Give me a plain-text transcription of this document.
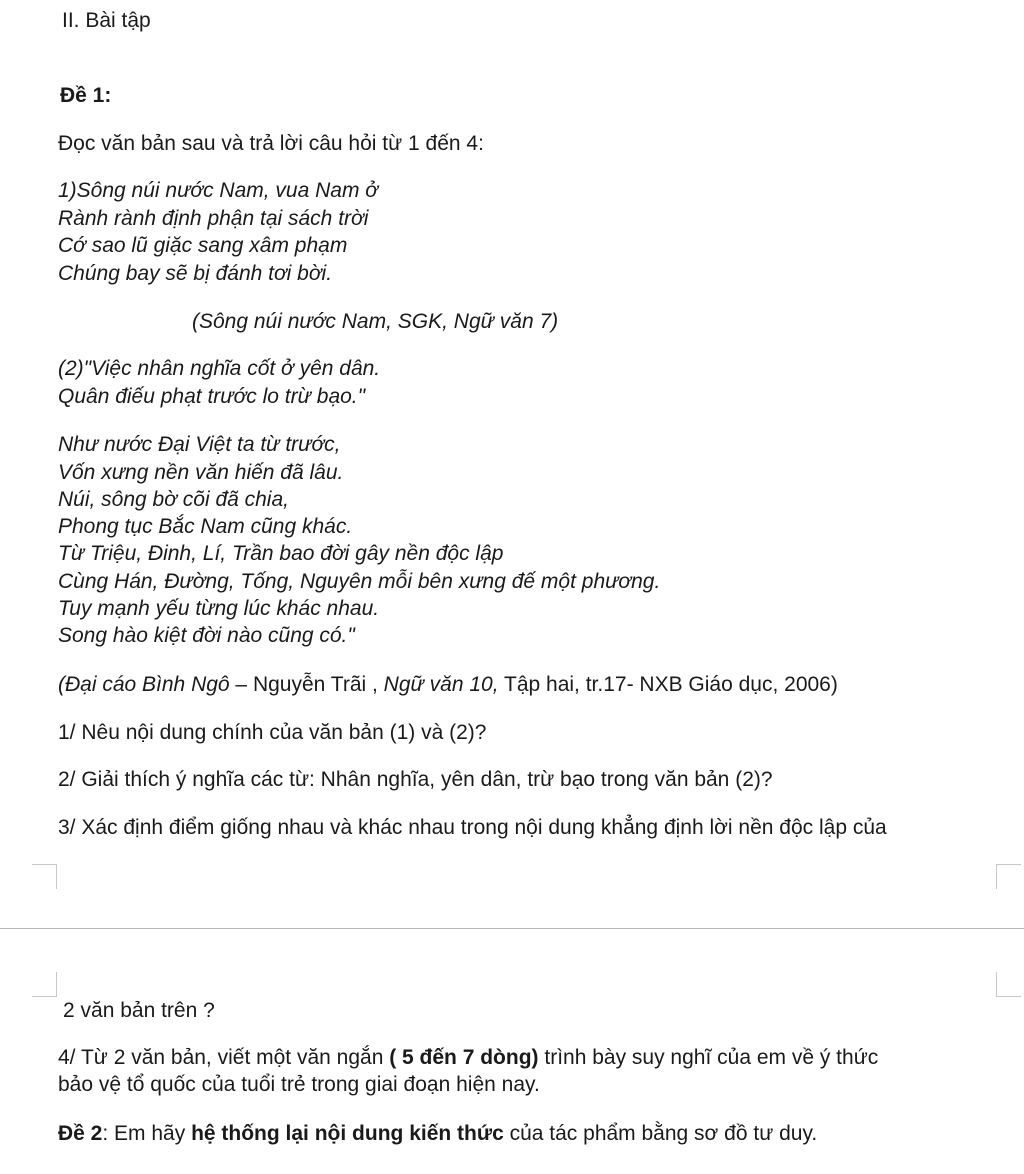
II. Bài tập
Đề 1:
Đọc văn bản sau và trả lời câu hỏi từ 1 đến 4:
1)Sông núi nước Nam, vua Nam ở
Rành rành định phận tại sách trời
Cớ sao lũ giặc sang xâm phạm
Chúng bay sẽ bị đánh tơi bời.
(Sông núi nước Nam, SGK, Ngữ văn 7)
(2)"Việc nhân nghĩa cốt ở yên dân.
Quân điếu phạt trước lo trừ bạo."
Như nước Đại Việt ta từ trước,
Vốn xưng nền văn hiến đã lâu.
Núi, sông bờ cõi đã chia,
Phong tục Bắc Nam cũng khác.
Từ Triệu, Đinh, Lí, Trần bao đời gây nền độc lập
Cùng Hán, Đường, Tống, Nguyên mỗi bên xưng đế một phương.
Tuy mạnh yếu từng lúc khác nhau.
Song hào kiệt đời nào cũng có."
(Đại cáo Bình Ngô – Nguyễn Trãi , Ngữ văn 10, Tập hai, tr.17- NXB Giáo dục, 2006)
1/ Nêu nội dung chính của văn bản (1) và (2)?
2/ Giải thích ý nghĩa các từ: Nhân nghĩa, yên dân, trừ bạo trong văn bản (2)?
3/ Xác định điểm giống nhau và khác nhau trong nội dung khẳng định lời nền độc lập của
2 văn bản trên ?
4/ Từ 2 văn bản, viết một văn ngắn ( 5 đến 7 dòng) trình bày suy nghĩ của em về ý thức
bảo vệ tổ quốc của tuổi trẻ trong giai đoạn hiện nay.
Đề 2: Em hãy hệ thống lại nội dung kiến thức của tác phẩm bằng sơ đồ tư duy.
